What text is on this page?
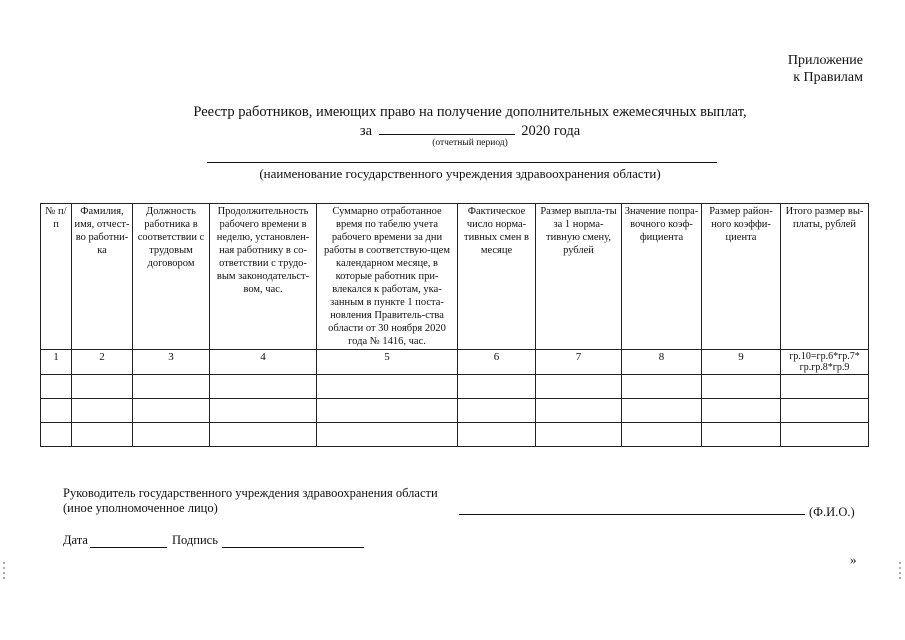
Приложение
к Правилам
Реестр работников, имеющих право на получение дополнительных ежемесячных выплат,
за	2020 года
(отчетный период)
(наименование государственного учреждения здравоохранения области)
№ п/п	Фамилия, имя, отчест-во работни-ка	Должность работника в соответствии с трудовым договором	Продолжительность рабочего времени в неделю, установлен-ная работнику в со-ответствии с трудо-вым законодательст-вом, час.	Суммарно отработанное время по табелю учета рабочего времени за дни работы в соответствую-щем календарном месяце, в которые работник при-влекался к работам, ука-занным в пункте 1 поста-новления Правитель-ства области от 30 ноября 2020 года № 1416, час.	Фактическое число норма-тивных смен в месяце	Размер выпла-ты за 1 норма-тивную смену, рублей	Значение попра-вочного коэф-фициента	Размер район-ного коэффи-циента	Итого размер вы-платы, рублей
1	2	3	4	5	6	7	8	9	гр.10=гр.6*гр.7* гр.гр.8*гр.9

Руководитель государственного учреждения здравоохранения области
(иное уполномоченное лицо)	(Ф.И.О.)
Дата	Подпись
»
